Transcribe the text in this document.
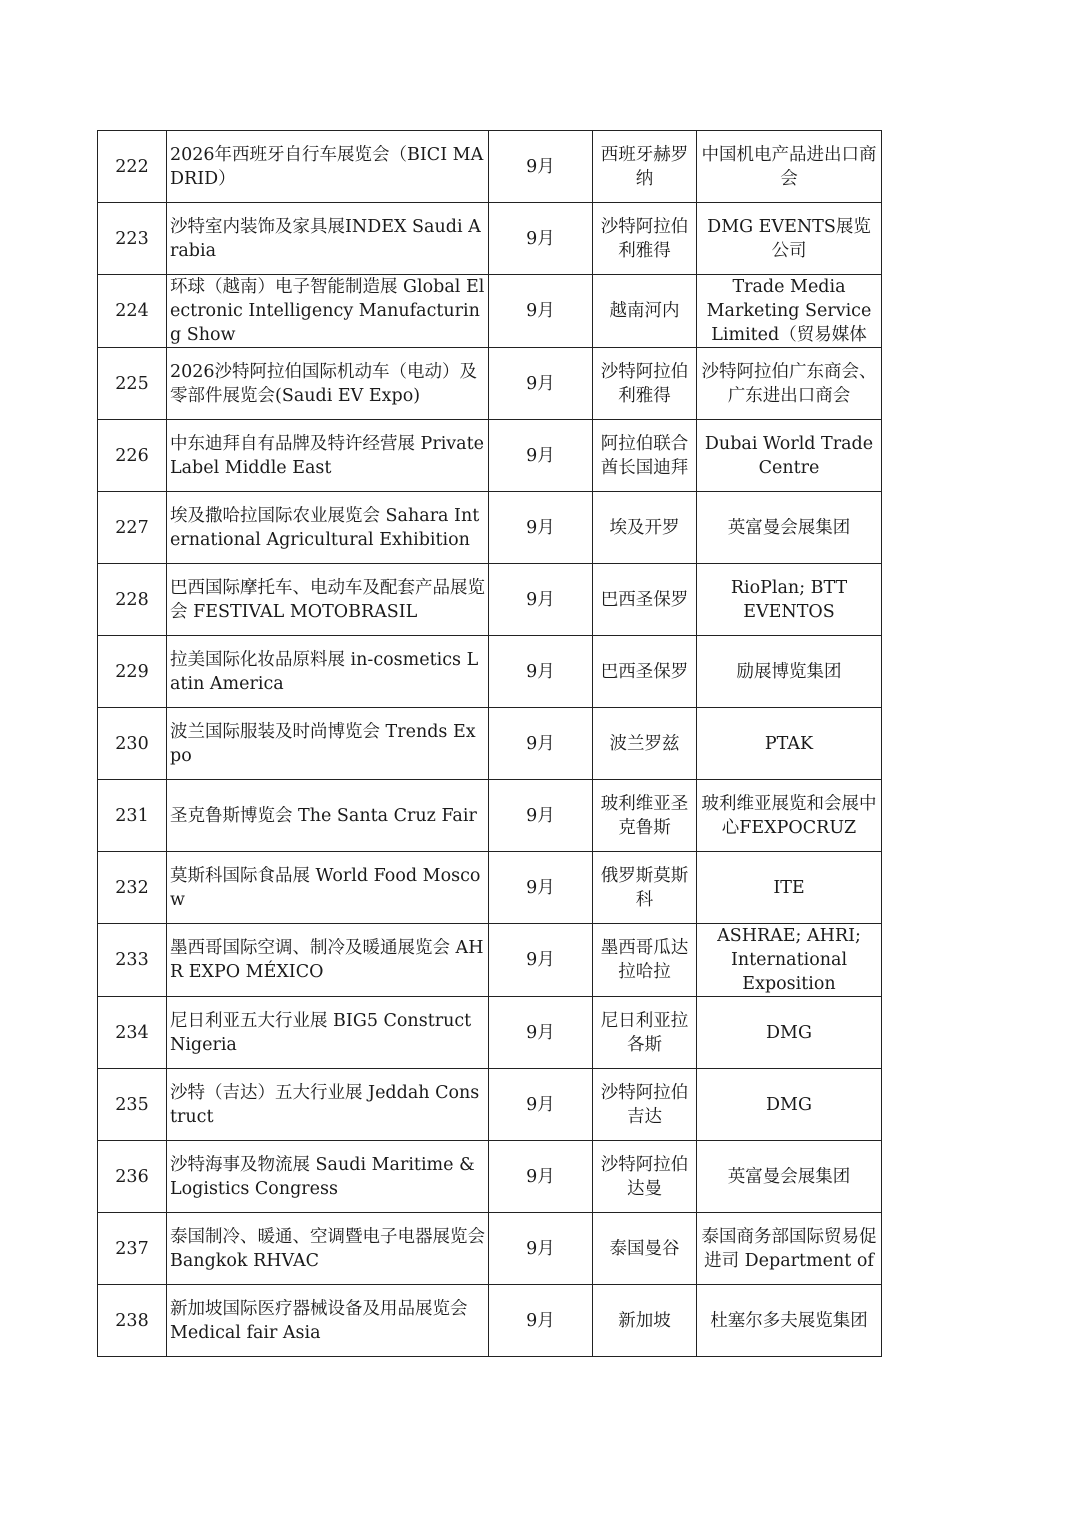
222	2026年西班牙自行车展览会（BICI MADRID）	9月	西班牙赫罗纳	中国机电产品进出口商会

223	沙特室内装饰及家具展INDEX Saudi Arabia	9月	沙特阿拉伯利雅得	DMG EVENTS展览公司

224	环球（越南）电子智能制造展 Global Electronic Intelligency Manufacturing Show	9月	越南河内	Trade Media Marketing Service Limited（贸易媒体

225	2026沙特阿拉伯国际机动车（电动）及零部件展览会(Saudi EV Expo)	9月	沙特阿拉伯利雅得	沙特阿拉伯广东商会、广东进出口商会

226	中东迪拜自有品牌及特许经营展 Private Label Middle East	9月	阿拉伯联合酋长国迪拜	Dubai World Trade Centre

227	埃及撒哈拉国际农业展览会 Sahara International Agricultural Exhibition	9月	埃及开罗	英富曼会展集团

228	巴西国际摩托车、电动车及配套产品展览会 FESTIVAL MOTOBRASIL	9月	巴西圣保罗	RioPlan; BTT EVENTOS

229	拉美国际化妆品原料展 in-cosmetics Latin America	9月	巴西圣保罗	励展博览集团

230	波兰国际服装及时尚博览会 Trends Expo	9月	波兰罗兹	PTAK

231	圣克鲁斯博览会 The Santa Cruz Fair	9月	玻利维亚圣克鲁斯	玻利维亚展览和会展中心FEXPOCRUZ

232	莫斯科国际食品展 World Food Moscow	9月	俄罗斯莫斯科	ITE

233	墨西哥国际空调、制冷及暖通展览会 AHR EXPO MÉXICO	9月	墨西哥瓜达拉哈拉	ASHRAE; AHRI; International Exposition

234	尼日利亚五大行业展 BIG5 Construct Nigeria	9月	尼日利亚拉各斯	DMG

235	沙特（吉达）五大行业展 Jeddah Construct	9月	沙特阿拉伯吉达	DMG

236	沙特海事及物流展 Saudi Maritime & Logistics Congress	9月	沙特阿拉伯达曼	英富曼会展集团

237	泰国制冷、暖通、空调暨电子电器展览会 Bangkok RHVAC	9月	泰国曼谷	泰国商务部国际贸易促进司 Department of

238	新加坡国际医疗器械设备及用品展览会 Medical fair Asia	9月	新加坡	杜塞尔多夫展览集团
